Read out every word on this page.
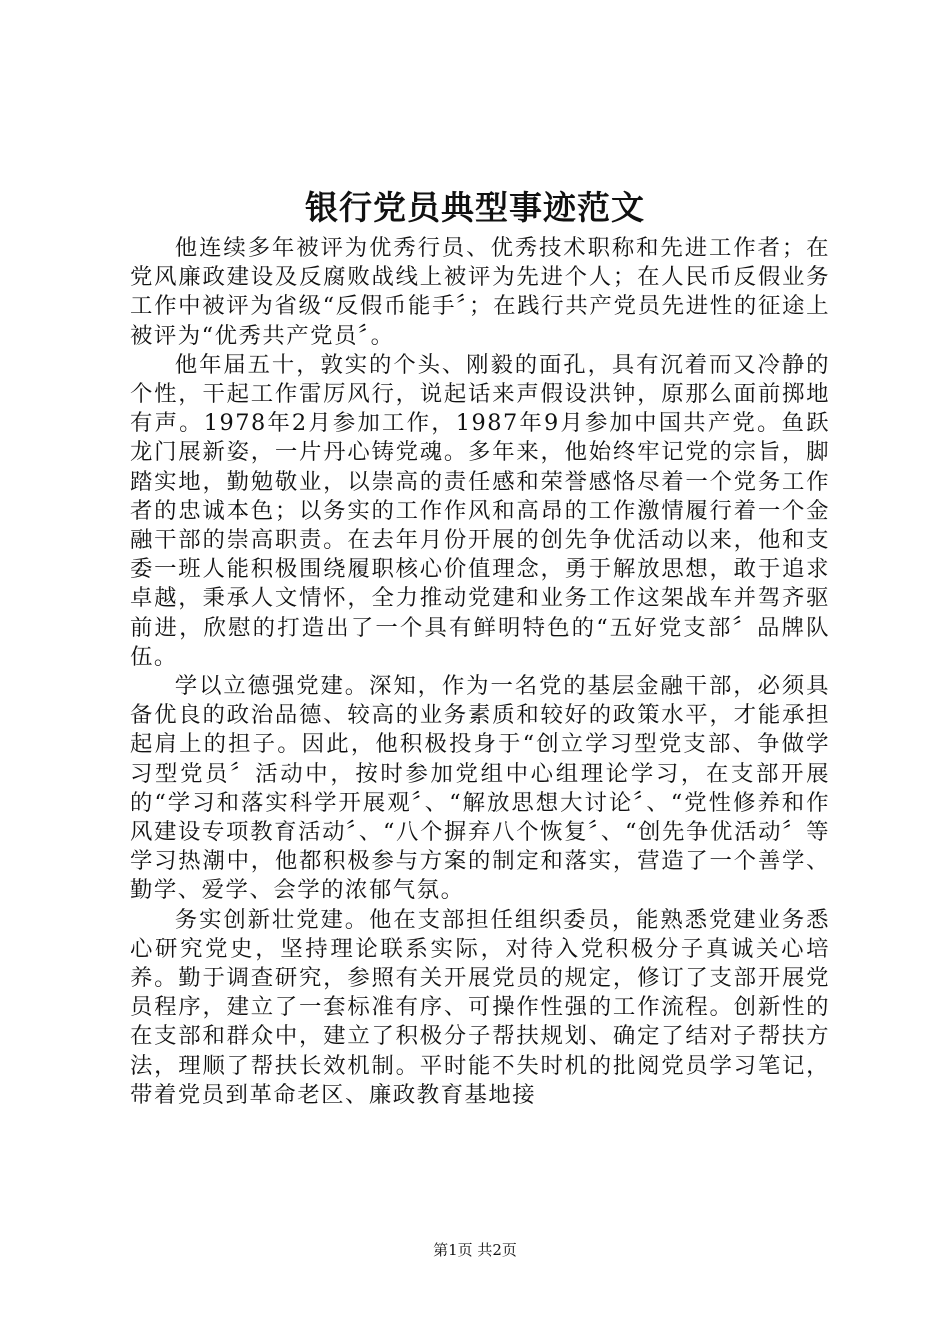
银行党员典型事迹范文

他连续多年被评为优秀行员、优秀技术职称和先进工作者；在党风廉政建设及反腐败战线上被评为先进个人；在人民币反假业务工作中被评为省级“反假币能手〞；在践行共产党员先进性的征途上被评为“优秀共产党员〞。

他年届五十，敦实的个头、刚毅的面孔，具有沉着而又冷静的个性，干起工作雷厉风行，说起话来声假设洪钟，原那么面前掷地有声。1978年2月参加工作，1987年9月参加中国共产党。鱼跃龙门展新姿，一片丹心铸党魂。多年来，他始终牢记党的宗旨，脚踏实地，勤勉敬业，以崇高的责任感和荣誉感恪尽着一个党务工作者的忠诚本色；以务实的工作作风和高昂的工作激情履行着一个金融干部的崇高职责。在去年月份开展的创先争优活动以来，他和支委一班人能积极围绕履职核心价值理念，勇于解放思想，敢于追求卓越，秉承人文情怀，全力推动党建和业务工作这架战车并驾齐驱前进，欣慰的打造出了一个具有鲜明特色的“五好党支部〞品牌队伍。

学以立德强党建。深知，作为一名党的基层金融干部，必须具备优良的政治品德、较高的业务素质和较好的政策水平，才能承担起肩上的担子。因此，他积极投身于“创立学习型党支部、争做学习型党员〞活动中，按时参加党组中心组理论学习，在支部开展的“学习和落实科学开展观〞、“解放思想大讨论〞、“党性修养和作风建设专项教育活动〞、“八个摒弃八个恢复〞、“创先争优活动〞等学习热潮中，他都积极参与方案的制定和落实，营造了一个善学、勤学、爱学、会学的浓郁气氛。

务实创新壮党建。他在支部担任组织委员，能熟悉党建业务悉心研究党史，坚持理论联系实际，对待入党积极分子真诚关心培养。勤于调查研究，参照有关开展党员的规定，修订了支部开展党员程序，建立了一套标准有序、可操作性强的工作流程。创新性的在支部和群众中，建立了积极分子帮扶规划、确定了结对子帮扶方法，理顺了帮扶长效机制。平时能不失时机的批阅党员学习笔记，带着党员到革命老区、廉政教育基地接

第1页 共2页
